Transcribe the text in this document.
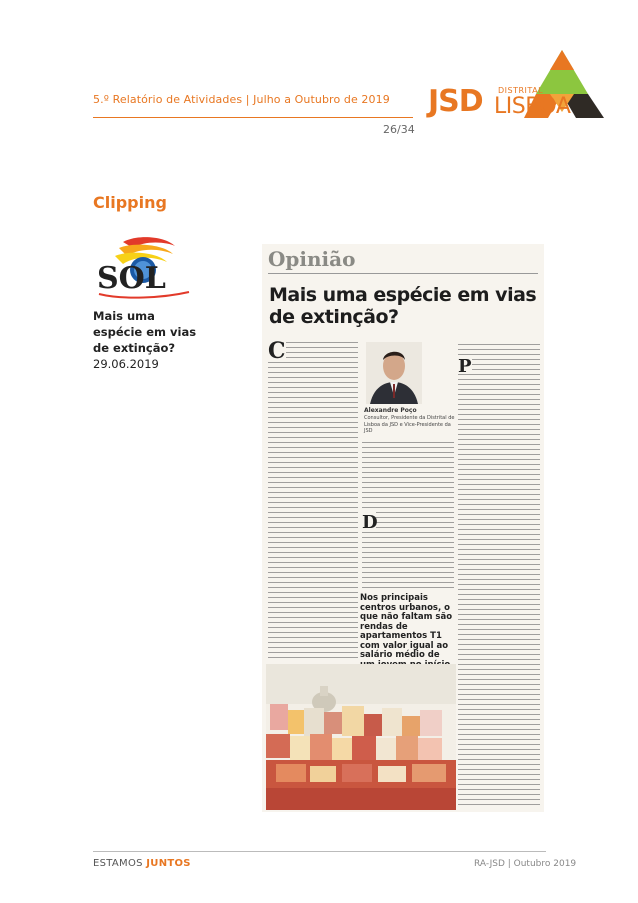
5.º Relatório de Atividades | Julho a Outubro de 2019
26/34
JSD DISTRITAL
LISBOA
Clipping
SOL
Mais uma espécie em vias de extinção?
29.06.2019
Opinião
Mais uma espécie em vias de extinção?
C
Alexandre Poço
Consultor, Presidente da Distrital de Lisboa da JSD e Vice-Presidente da JSD
D
Nos principais centros urbanos, o que não faltam são rendas de apartamentos T1 com valor igual ao salário médio de
P
ESTAMOS JUNTOS	RA-JSD | Outubro 2019
